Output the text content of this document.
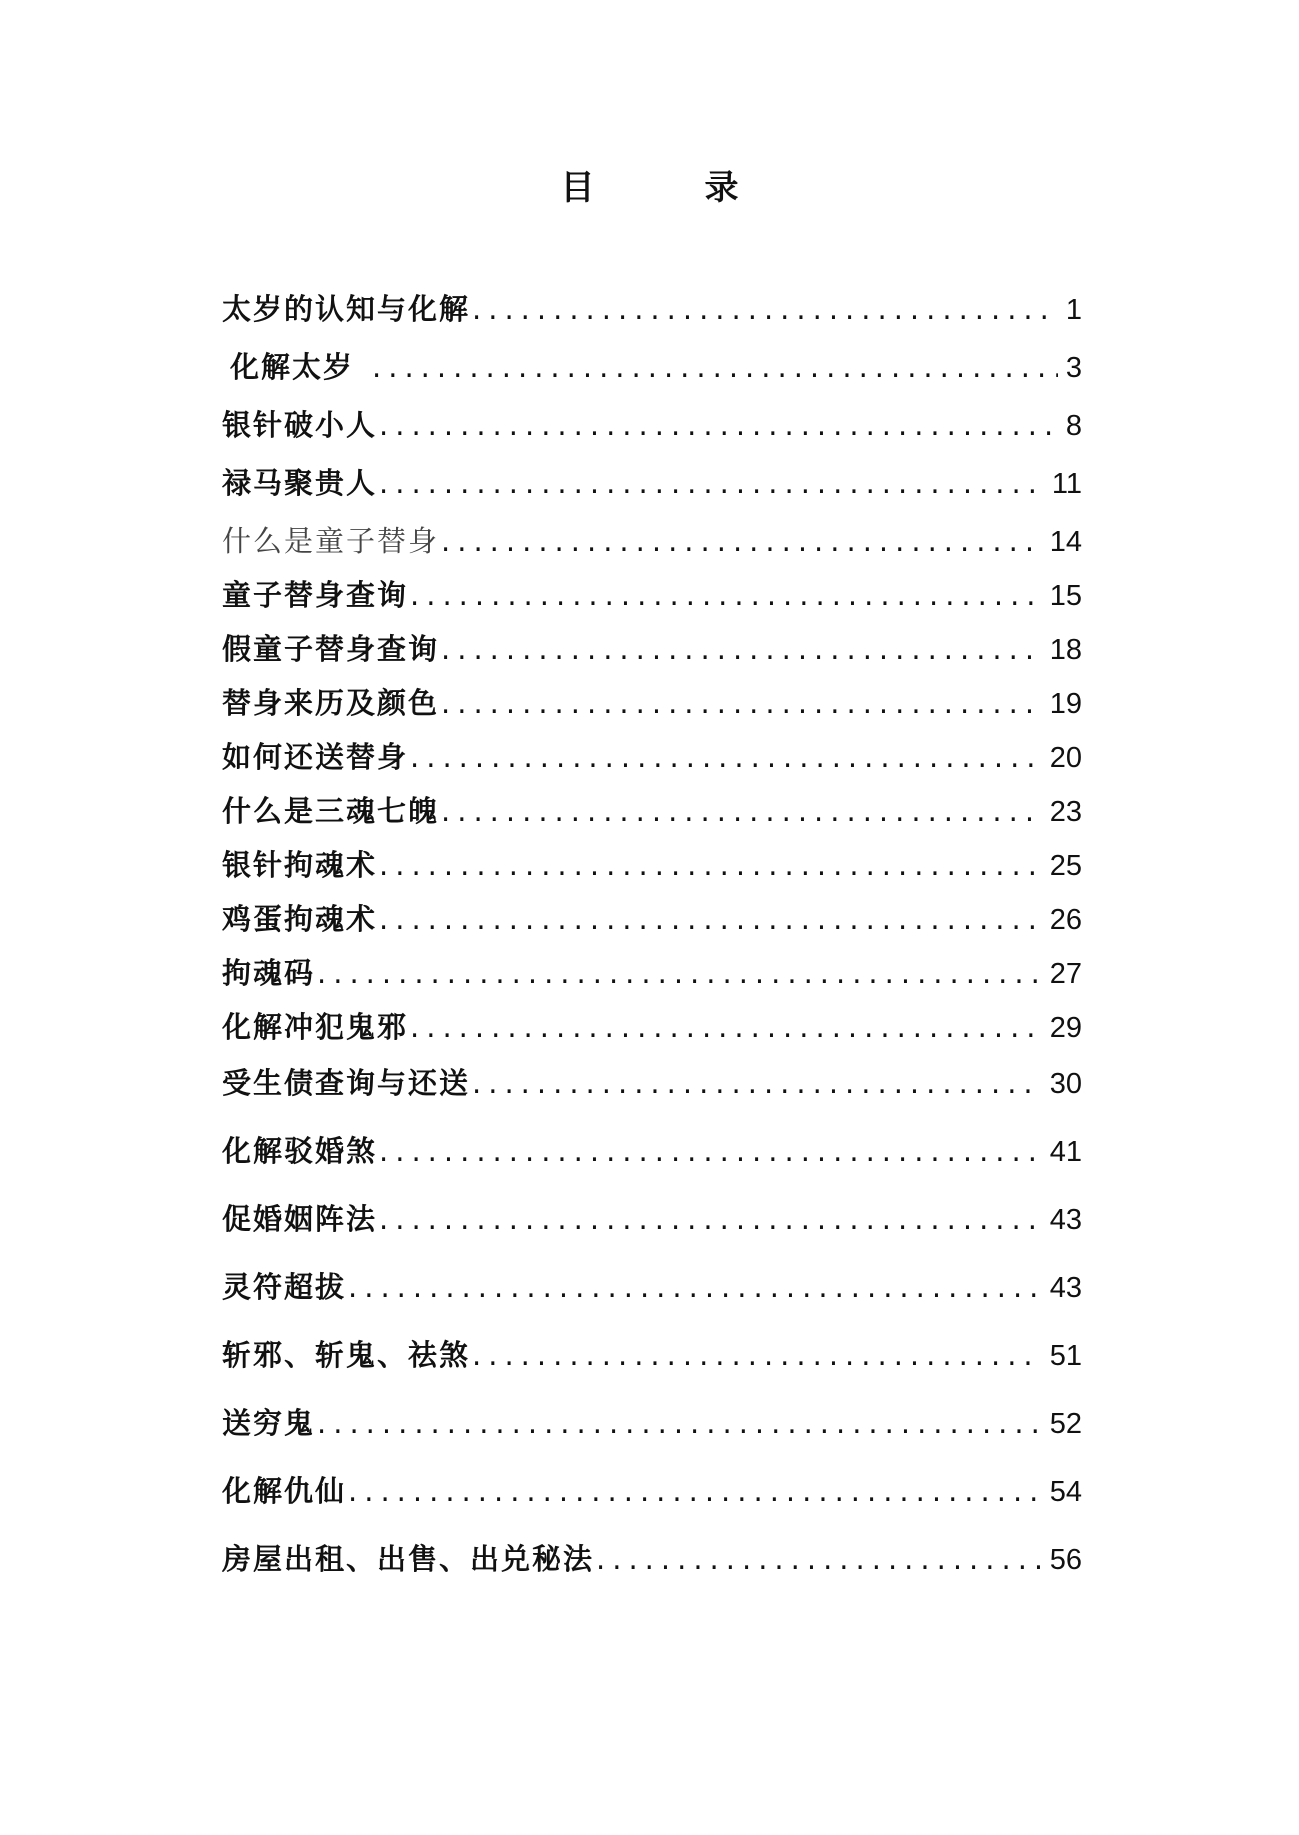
目　录
太岁的认知与化解 .....	1
化解太岁 .....	3
银针破小人 .....	8
禄马聚贵人 .....	11
什么是童子替身 .....	14
童子替身查询 .....	15
假童子替身查询 .....	18
替身来历及颜色 .....	19
如何还送替身 .....	20
什么是三魂七魄 .....	23
银针拘魂术 .....	25
鸡蛋拘魂术 .....	26
拘魂码 .....	27
化解冲犯鬼邪 .....	29
受生债查询与还送 .....	30
化解驳婚煞 .....	41
促婚姻阵法 .....	43
灵符超拔 .....	43
斩邪、斩鬼、祛煞 .....	51
送穷鬼 .....	52
化解仇仙 .....	54
房屋出租、出售、出兑秘法 .....	56
